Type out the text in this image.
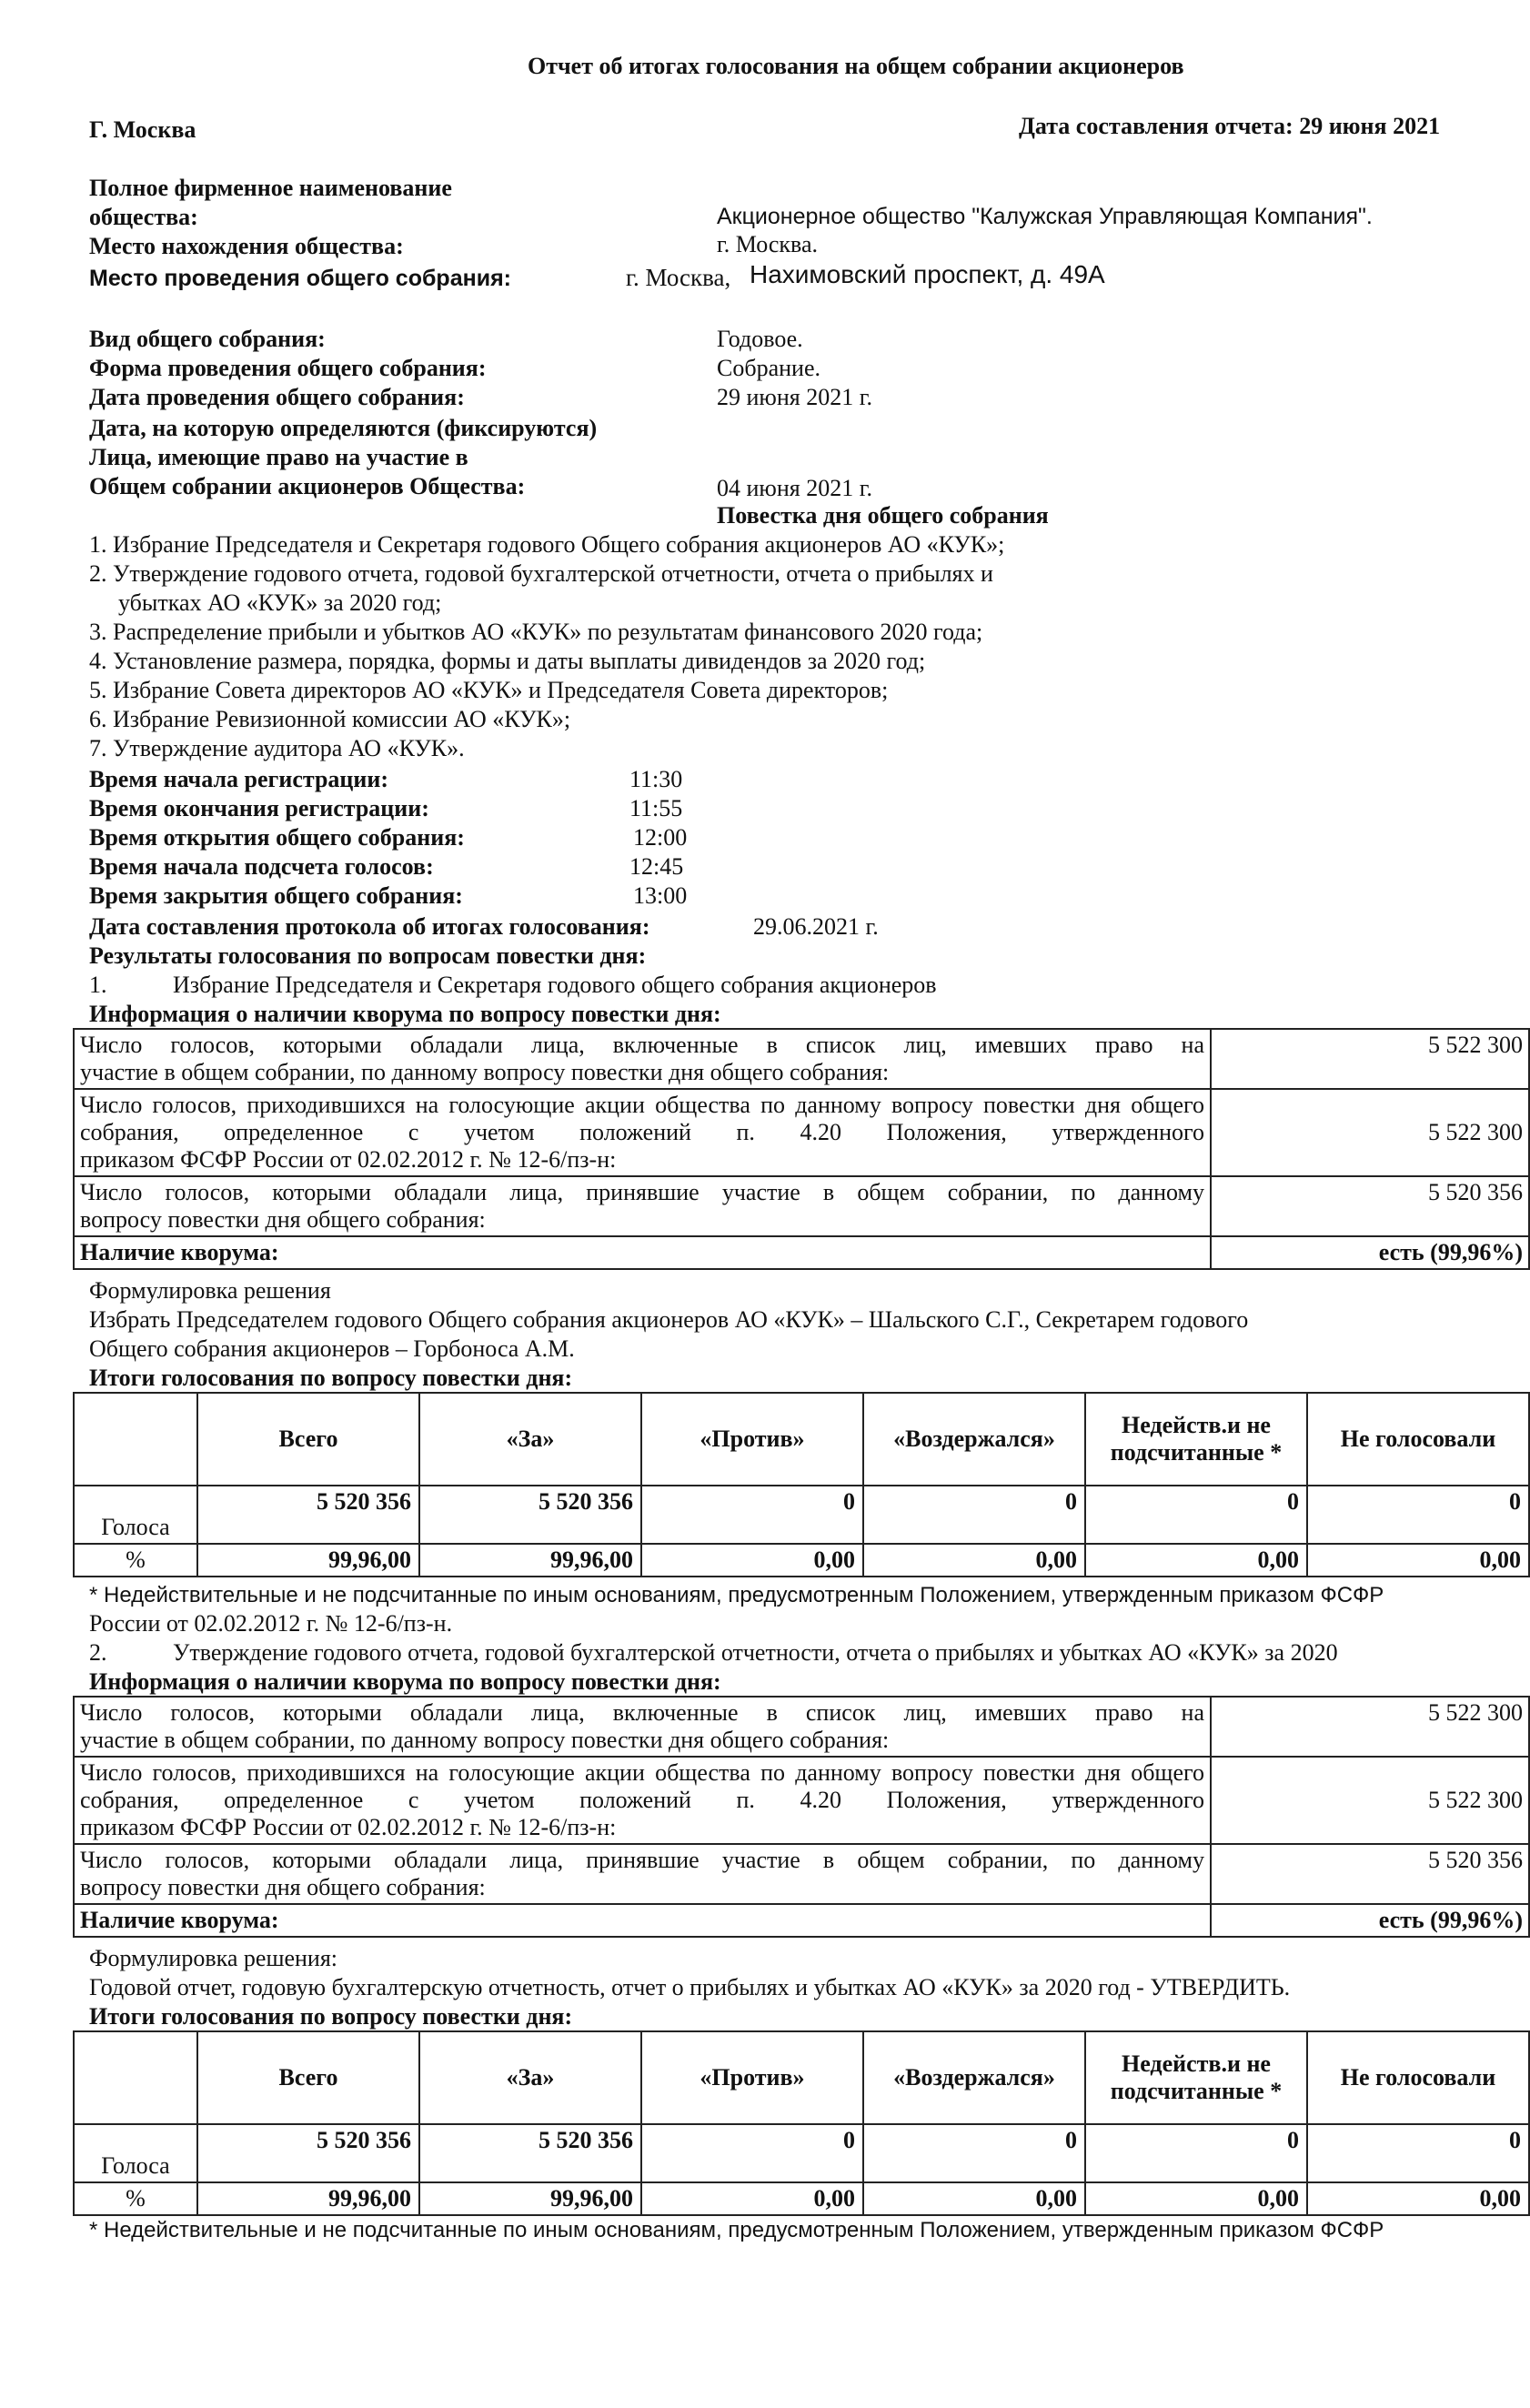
Отчет об итогах голосования на общем собрании акционеров
Г. Москва	Дата составления отчета: 29 июня 2021
Полное фирменное наименование
общества:	Акционерное общество "Калужская Управляющая Компания".
Место нахождения общества:	г. Москва.
Место проведения общего собрания:	г. Москва, Нахимовский проспект, д. 49А
Вид общего собрания:	Годовое.
Форма проведения общего собрания:	Собрание.
Дата проведения общего собрания:	29 июня 2021 г.
Дата, на которую определяются (фиксируются)
Лица, имеющие право на участие в
Общем собрании акционеров Общества:	04 июня 2021 г.
Повестка дня общего собрания
1. Избрание Председателя и Секретаря годового Общего собрания акционеров АО «КУК»;
2. Утверждение годового отчета, годовой бухгалтерской отчетности, отчета о прибылях и
убытках АО «КУК» за 2020 год;
3. Распределение прибыли и убытков АО «КУК» по результатам финансового 2020 года;
4. Установление размера, порядка, формы и даты выплаты дивидендов за 2020 год;
5. Избрание Совета директоров АО «КУК» и Председателя Совета директоров;
6. Избрание Ревизионной комиссии АО «КУК»;
7. Утверждение аудитора АО «КУК».
Время начала регистрации:	11:30
Время окончания регистрации:	11:55
Время открытия общего собрания:	12:00
Время начала подсчета голосов:	12:45
Время закрытия общего собрания:	13:00
Дата составления протокола об итогах голосования:	29.06.2021 г.
Результаты голосования по вопросам повестки дня:
1.	Избрание Председателя и Секретаря годового общего собрания акционеров
Информация о наличии кворума по вопросу повестки дня:
Число голосов, которыми обладали лица, включенные в список лиц, имевших право на
участие в общем собрании, по данному вопросу повестки дня общего собрания:	5 522 300
Число голосов, приходившихся на голосующие акции общества по данному вопросу повестки дня общего собрания, определенное с учетом положений п. 4.20 Положения, утвержденного
приказом ФСФР России от 02.02.2012 г. № 12-6/пз-н:	5 522 300
Число голосов, которыми обладали лица, принявшие участие в общем собрании, по данному
вопросу повестки дня общего собрания:	5 520 356
Наличие кворума:	есть (99,96%)
Формулировка решения
Избрать Председателем годового Общего собрания акционеров АО «КУК» – Шальского С.Г., Секретарем годового
Общего собрания акционеров – Горбоноса А.М.
Итоги голосования по вопросу повестки дня:
	Всего	«За»	«Против»	«Воздержался»	Недейств.и не подсчитанные *	Не голосовали
Голоса	5 520 356	5 520 356	0	0	0	0
%	99,96,00	99,96,00	0,00	0,00	0,00	0,00
* Недействительные и не подсчитанные по иным основаниям, предусмотренным Положением, утвержденным приказом ФСФР
России от 02.02.2012 г. № 12-6/пз-н.
2.	Утверждение годового отчета, годовой бухгалтерской отчетности, отчета о прибылях и убытках АО «КУК» за 2020
Информация о наличии кворума по вопросу повестки дня:
Число голосов, которыми обладали лица, включенные в список лиц, имевших право на
участие в общем собрании, по данному вопросу повестки дня общего собрания:	5 522 300
Число голосов, приходившихся на голосующие акции общества по данному вопросу повестки дня общего собрания, определенное с учетом положений п. 4.20 Положения, утвержденного
приказом ФСФР России от 02.02.2012 г. № 12-6/пз-н:	5 522 300
Число голосов, которыми обладали лица, принявшие участие в общем собрании, по данному
вопросу повестки дня общего собрания:	5 520 356
Наличие кворума:	есть (99,96%)
Формулировка решения:
Годовой отчет, годовую бухгалтерскую отчетность, отчет о прибылях и убытках АО «КУК» за 2020 год - УТВЕРДИТЬ.
Итоги голосования по вопросу повестки дня:
	Всего	«За»	«Против»	«Воздержался»	Недейств.и не подсчитанные *	Не голосовали
Голоса	5 520 356	5 520 356	0	0	0	0
%	99,96,00	99,96,00	0,00	0,00	0,00	0,00
* Недействительные и не подсчитанные по иным основаниям, предусмотренным Положением, утвержденным приказом ФСФР
